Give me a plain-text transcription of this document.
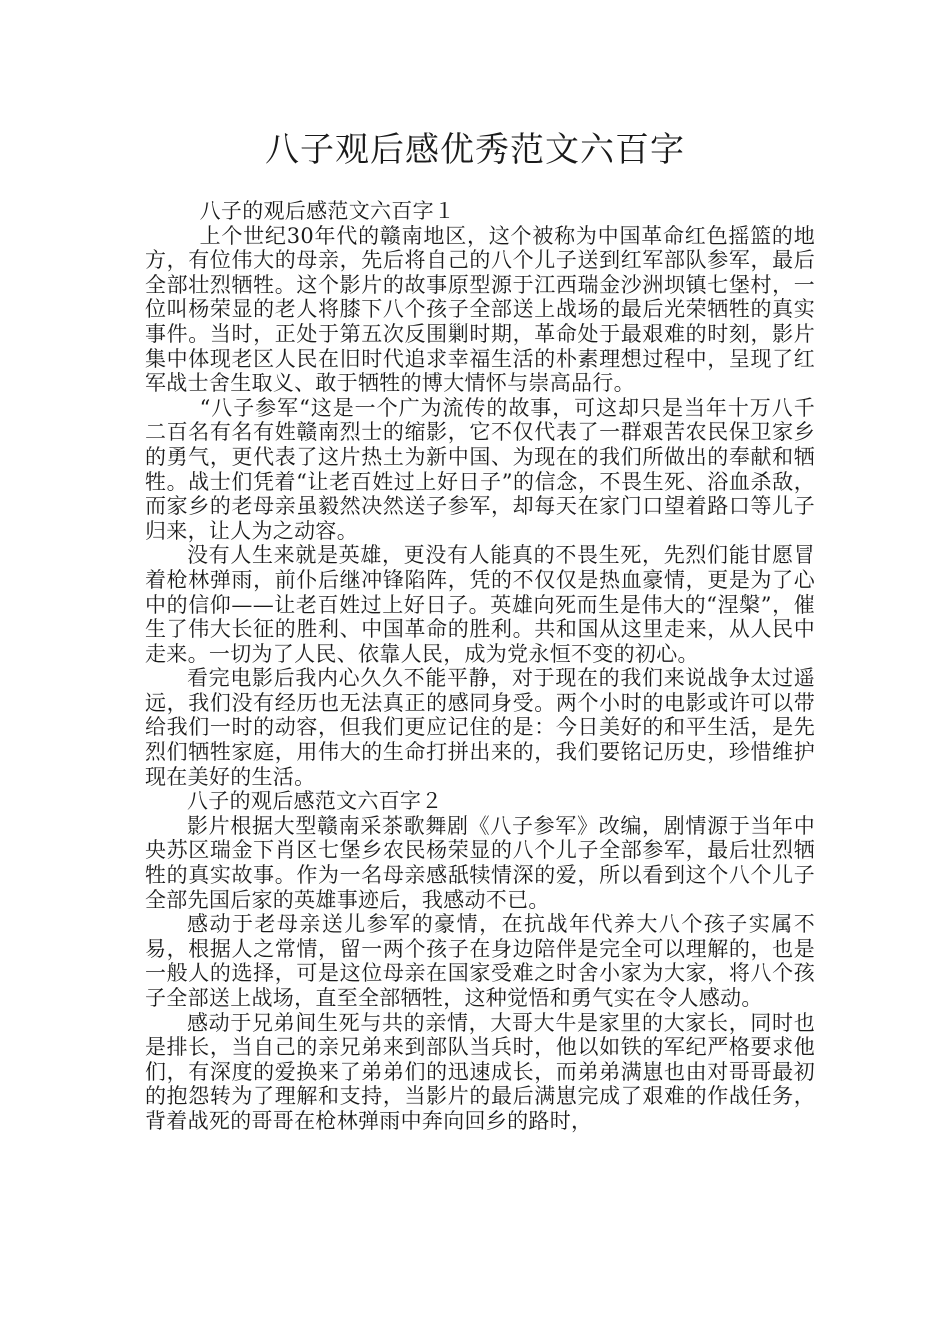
八子观后感优秀范文六百字

八子的观后感范文六百字１

上个世纪30年代的赣南地区，这个被称为中国革命红色摇篮的地方，有位伟大的母亲，先后将自己的八个儿子送到红军部队参军，最后全部壮烈牺牲。这个影片的故事原型源于江西瑞金沙洲坝镇七堡村，一位叫杨荣显的老人将膝下八个孩子全部送上战场的最后光荣牺牲的真实事件。当时，正处于第五次反围剿时期，革命处于最艰难的时刻，影片集中体现老区人民在旧时代追求幸福生活的朴素理想过程中，呈现了红军战士舍生取义、敢于牺牲的博大情怀与崇高品行。

“八子参军“这是一个广为流传的故事，可这却只是当年十万八千二百名有名有姓赣南烈士的缩影，它不仅代表了一群艰苦农民保卫家乡的勇气，更代表了这片热土为新中国、为现在的我们所做出的奉献和牺牲。战士们凭着“让老百姓过上好日子”的信念，不畏生死、浴血杀敌，而家乡的老母亲虽毅然决然送子参军，却每天在家门口望着路口等儿子归来，让人为之动容。

没有人生来就是英雄，更没有人能真的不畏生死，先烈们能甘愿冒着枪林弹雨，前仆后继冲锋陷阵，凭的不仅仅是热血豪情，更是为了心中的信仰——让老百姓过上好日子。英雄向死而生是伟大的“涅槃”，催生了伟大长征的胜利、中国革命的胜利。共和国从这里走来，从人民中走来。一切为了人民、依靠人民，成为党永恒不变的初心。

看完电影后我内心久久不能平静，对于现在的我们来说战争太过遥远，我们没有经历也无法真正的感同身受。两个小时的电影或许可以带给我们一时的动容，但我们更应记住的是：今日美好的和平生活，是先烈们牺牲家庭，用伟大的生命打拼出来的，我们要铭记历史，珍惜维护现在美好的生活。

八子的观后感范文六百字２

影片根据大型赣南采茶歌舞剧《八子参军》改编，剧情源于当年中央苏区瑞金下肖区七堡乡农民杨荣显的八个儿子全部参军，最后壮烈牺牲的真实故事。作为一名母亲感舐犊情深的爱，所以看到这个八个儿子全部先国后家的英雄事迹后，我感动不已。

感动于老母亲送儿参军的豪情，在抗战年代养大八个孩子实属不易，根据人之常情，留一两个孩子在身边陪伴是完全可以理解的，也是一般人的选择，可是这位母亲在国家受难之时舍小家为大家，将八个孩子全部送上战场，直至全部牺牲，这种觉悟和勇气实在令人感动。

感动于兄弟间生死与共的亲情，大哥大牛是家里的大家长，同时也是排长，当自己的亲兄弟来到部队当兵时，他以如铁的军纪严格要求他们，有深度的爱换来了弟弟们的迅速成长，而弟弟满崽也由对哥哥最初的抱怨转为了理解和支持，当影片的最后满崽完成了艰难的作战任务，背着战死的哥哥在枪林弹雨中奔向回乡的路时，
